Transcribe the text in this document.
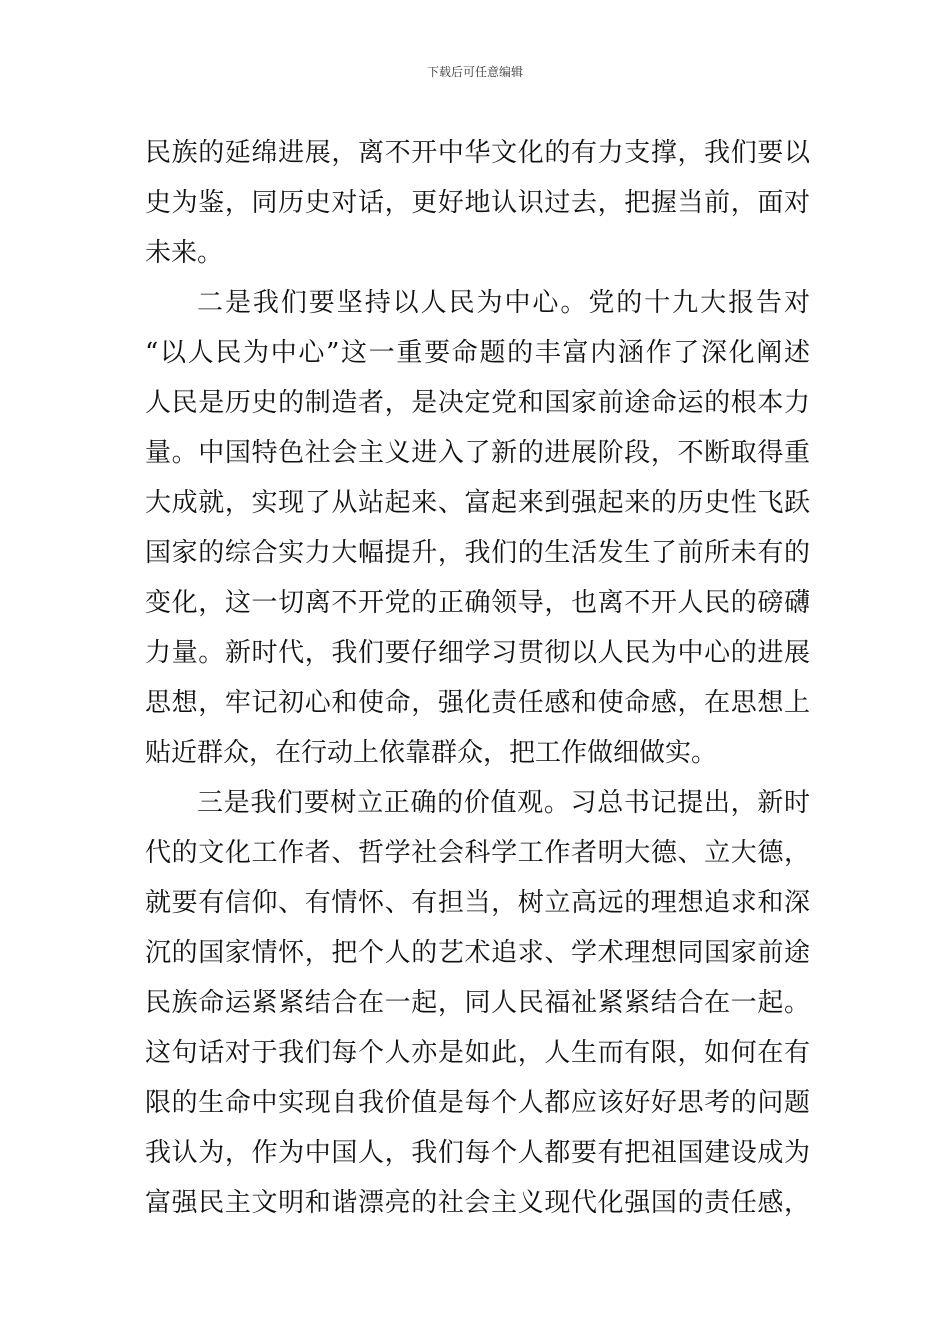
下载后可任意编辑
民族的延绵进展，离不开中华文化的有力支撑，我们要以
史为鉴，同历史对话，更好地认识过去，把握当前，面对
未来。
二是我们要坚持以人民为中心。党的十九大报告对
“以人民为中心”这一重要命题的丰富内涵作了深化阐述
人民是历史的制造者，是决定党和国家前途命运的根本力
量。中国特色社会主义进入了新的进展阶段，不断取得重
大成就，实现了从站起来、富起来到强起来的历史性飞跃
国家的综合实力大幅提升，我们的生活发生了前所未有的
变化，这一切离不开党的正确领导，也离不开人民的磅礴
力量。新时代，我们要仔细学习贯彻以人民为中心的进展
思想，牢记初心和使命，强化责任感和使命感，在思想上
贴近群众，在行动上依靠群众，把工作做细做实。
三是我们要树立正确的价值观。习总书记提出，新时
代的文化工作者、哲学社会科学工作者明大德、立大德，
就要有信仰、有情怀、有担当，树立高远的理想追求和深
沉的国家情怀，把个人的艺术追求、学术理想同国家前途
民族命运紧紧结合在一起，同人民福祉紧紧结合在一起。
这句话对于我们每个人亦是如此，人生而有限，如何在有
限的生命中实现自我价值是每个人都应该好好思考的问题
我认为，作为中国人，我们每个人都要有把祖国建设成为
富强民主文明和谐漂亮的社会主义现代化强国的责任感，
